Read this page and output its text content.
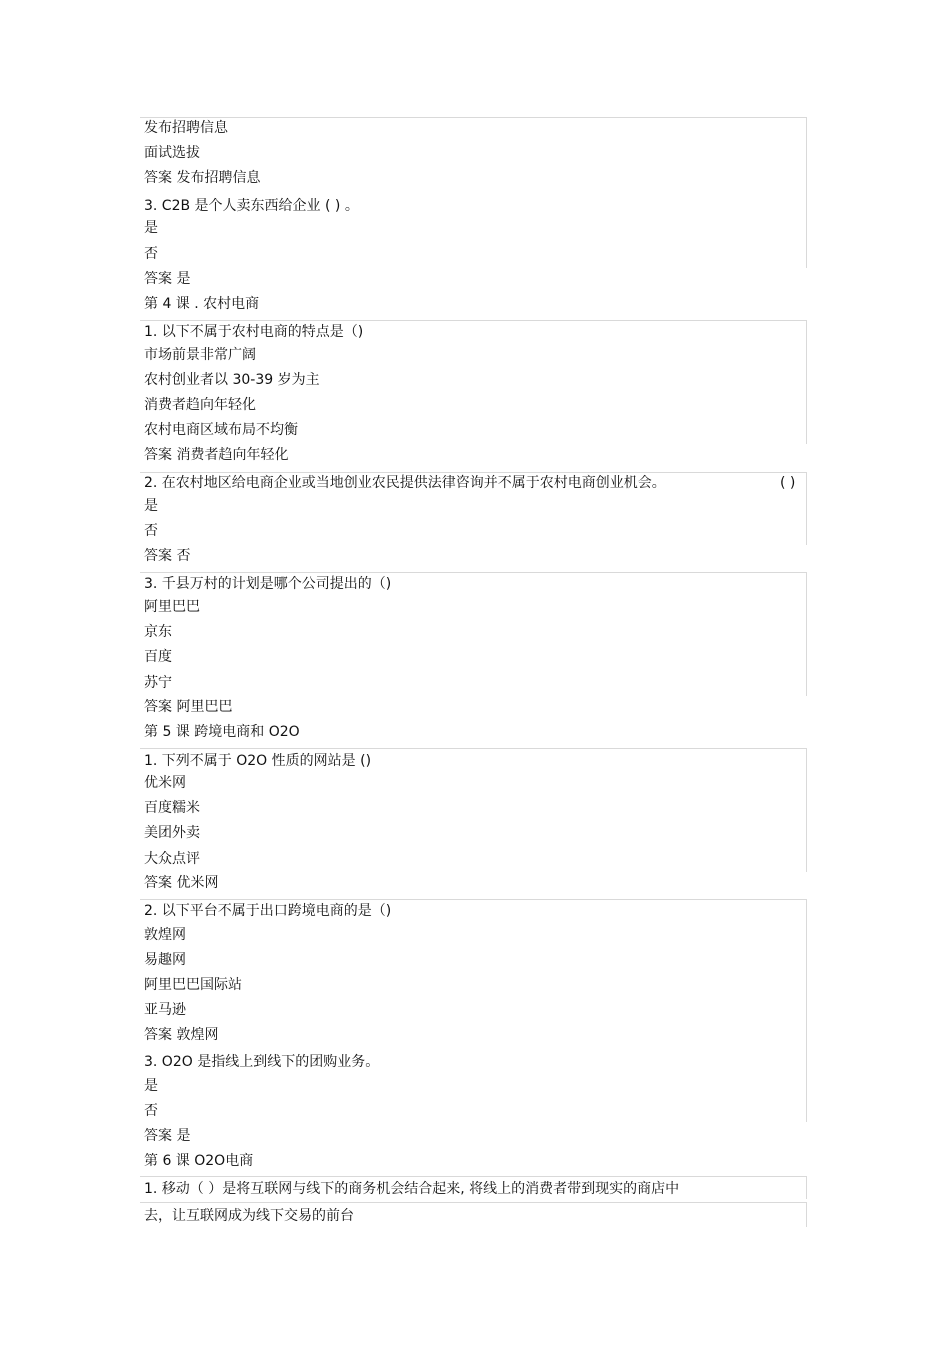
发布招聘信息
面试选拔
答案 发布招聘信息
3. C2B 是个人卖东西给企业 ( ) 。
是
否
答案 是
第 4 课 . 农村电商
1. 以下不属于农村电商的特点是（)
市场前景非常广阔
农村创业者以 30-39 岁为主
消费者趋向年轻化
农村电商区域布局不均衡
答案 消费者趋向年轻化
2. 在农村地区给电商企业或当地创业农民提供法律咨询并不属于农村电商创业机会。	( )
是
否
答案 否
3. 千县万村的计划是哪个公司提出的（)
阿里巴巴
京东
百度
苏宁
答案 阿里巴巴
第 5 课 跨境电商和 O2O
1. 下列不属于 O2O 性质的网站是 ()
优米网
百度糯米
美团外卖
大众点评
答案 优米网
2. 以下平台不属于出口跨境电商的是（)
敦煌网
易趣网
阿里巴巴国际站
亚马逊
答案 敦煌网
3. O2O 是指线上到线下的团购业务。
是
否
答案 是
第 6 课 O2O电商
1. 移动（ ）是将互联网与线下的商务机会结合起来, 将线上的消费者带到现实的商店中
去，让互联网成为线下交易的前台
